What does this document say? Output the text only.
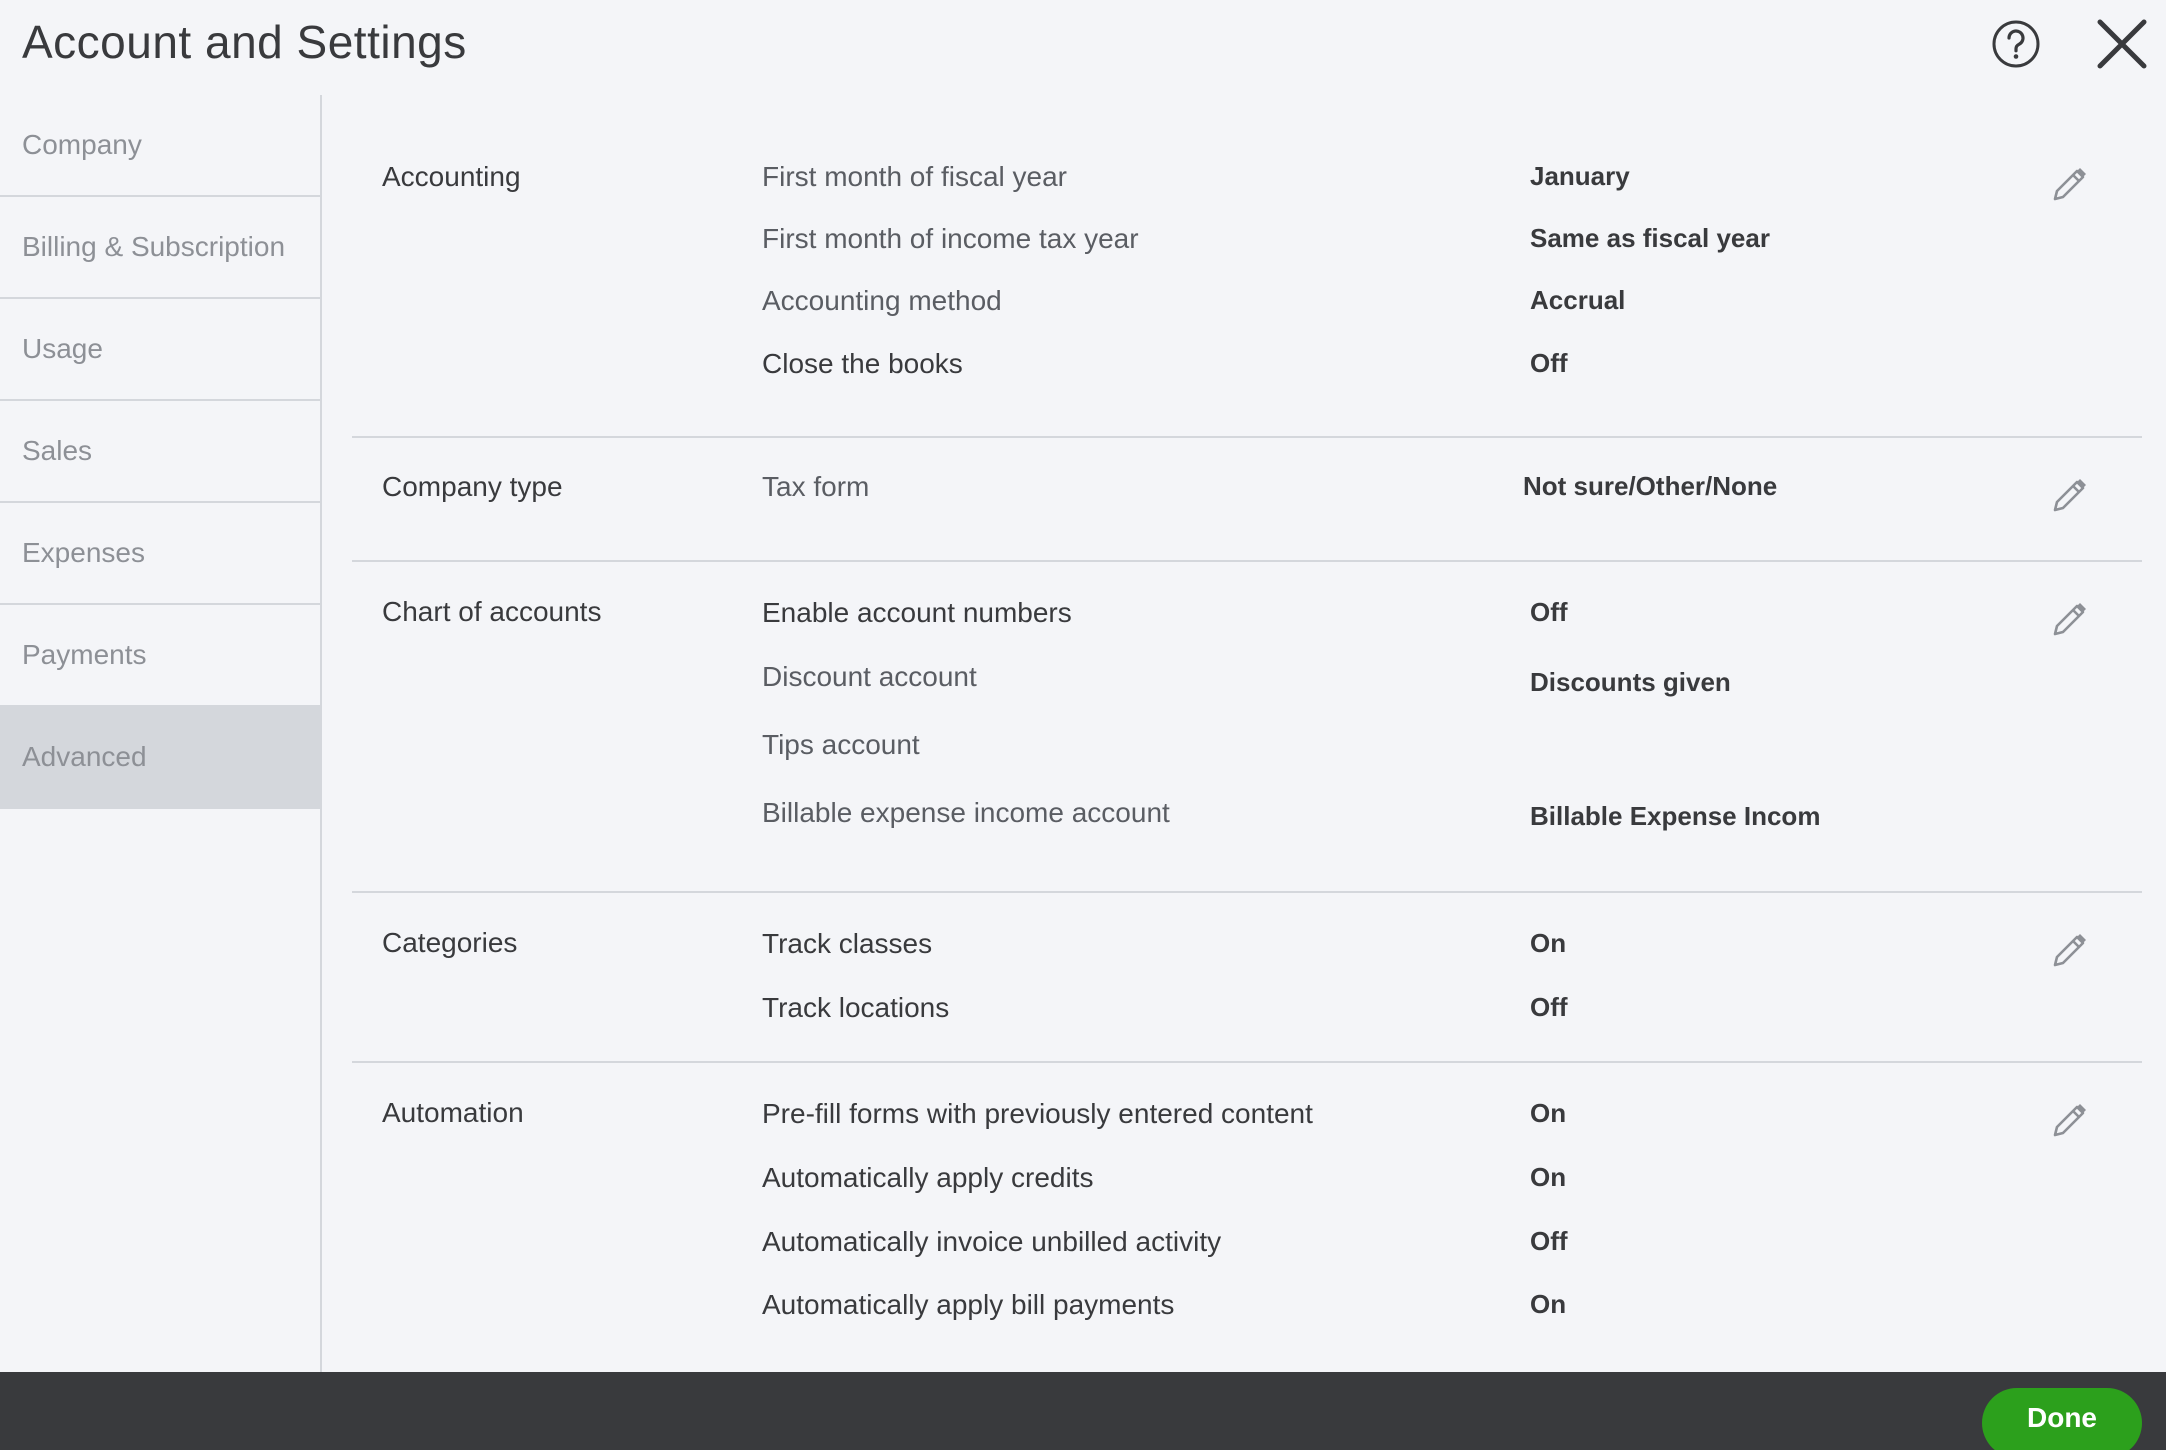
Account and Settings
Company
Billing & Subscription
Usage
Sales
Expenses
Payments
Advanced
Accounting	First month of fiscal year	January
First month of income tax year	Same as fiscal year
Accounting method	Accrual
Close the books	Off
Company type	Tax form	Not sure/Other/None
Chart of accounts	Enable account numbers	Off
Discount account	Discounts given
Tips account
Billable expense income account	Billable Expense Incom
Categories	Track classes	On
Track locations	Off
Automation	Pre-fill forms with previously entered content	On
Automatically apply credits	On
Automatically invoice unbilled activity	Off
Automatically apply bill payments	On
Done
